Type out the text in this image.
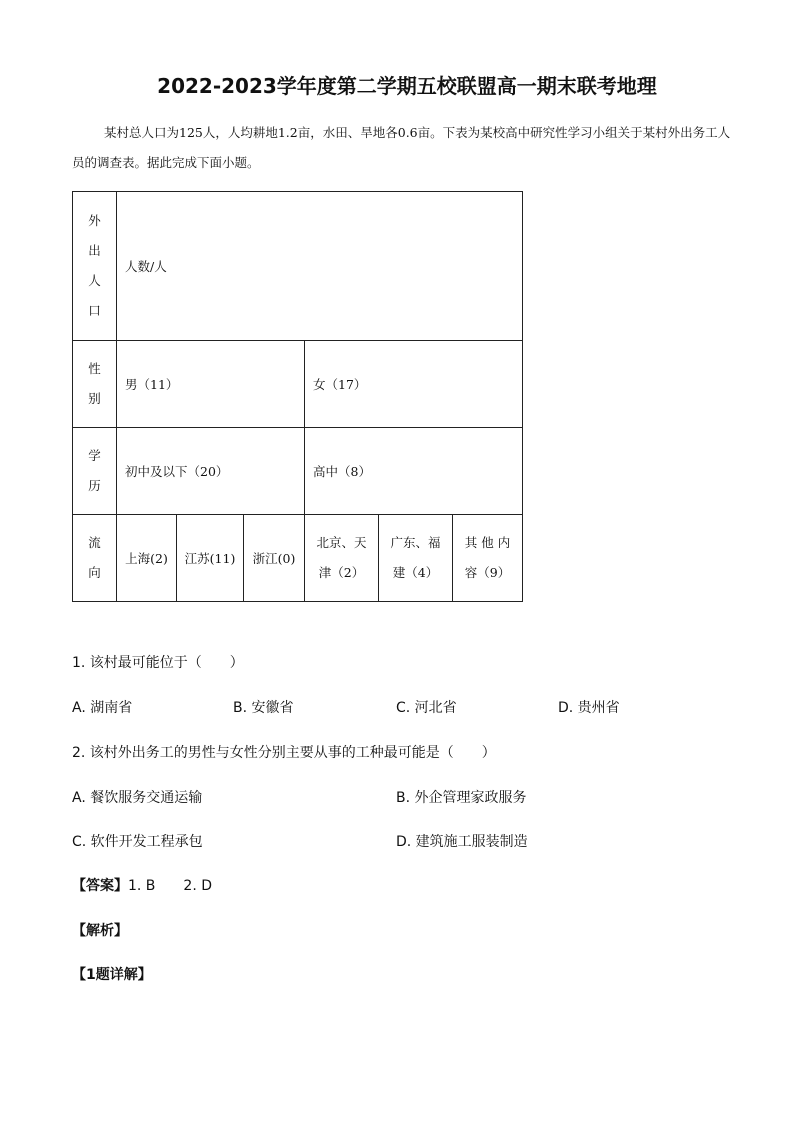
2022-2023学年度第二学期五校联盟高一期末联考地理
某村总人口为125人，人均耕地1.2亩，水田、旱地各0.6亩。下表为某校高中研究性学习小组关于某村外出务工人员的调查表。据此完成下面小题。
外
出
人
口	人数/人					

性
别	男（11）			女（17）		

学
历	初中及以下（20）			高中（8）		

流
向	上海(2)	江苏(11)	浙江(0)	北京、天
津（2）	广东、福
建（4）	其 他 内
容（9）
1. 该村最可能位于（　　）
A. 湖南省	B. 安徽省	C. 河北省	D. 贵州省
2. 该村外出务工的男性与女性分别主要从事的工种最可能是（　　）
A. 餐饮服务交通运输	B. 外企管理家政服务
C. 软件开发工程承包	D. 建筑施工服装制造
【答案】1. B　　2. D
【解析】
【1题详解】
